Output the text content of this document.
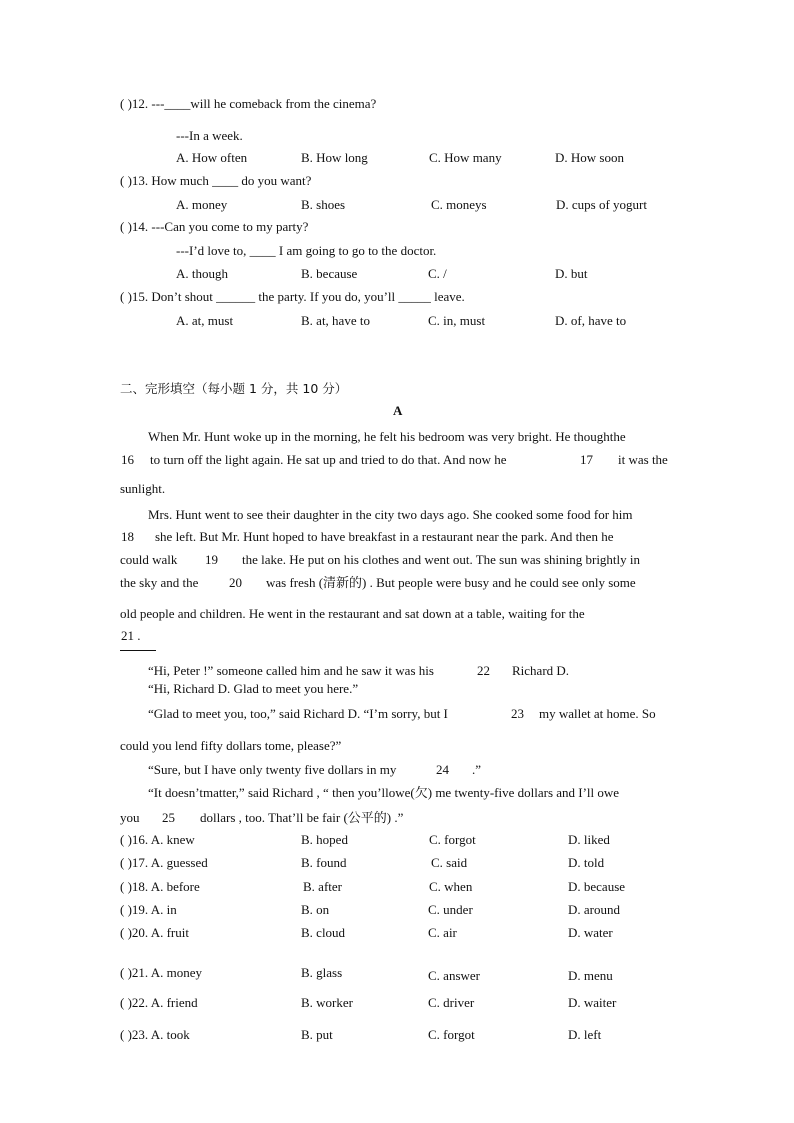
( )12. ---____will he comeback from the cinema?
---In a week.
A. How often	B. How long	C. How many	D. How soon
( )13. How much ____ do you want?
A. money	B. shoes	C. moneys	D. cups of yogurt
( )14. ---Can you come to my party?
---I’d love to, ____ I am going to go to the doctor.
A. though	B. because	C. /	D. but
( )15. Don’t shout ______ the party. If you do, you’ll _____ leave.
A. at, must	B. at, have to	C. in, must	D. of, have to
二、完形填空（每小题 1 分，共 10 分）
A
When Mr. Hunt woke up in the morning, he felt his bedroom was very bright. He thoughthe
16 to turn off the light again. He sat up and tried to do that. And now he	17 it was the
sunlight.
Mrs. Hunt went to see their daughter in the city two days ago. She cooked some food for him
18 she left. But Mr. Hunt hoped to have breakfast in a restaurant near the park. And then he
could walk 19 the lake. He put on his clothes and went out. The sun was shining brightly in
the sky and the 20 was fresh (清新的) . But people were busy and he could see only some
old people and children. He went in the restaurant and sat down at a table, waiting for the
21 .
“Hi, Peter !” someone called him and he saw it was his	22 Richard D.
“Hi, Richard D. Glad to meet you here.”
“Glad to meet you, too,” said Richard D. “I’m sorry, but I	23 my wallet at home. So
could you lend fifty dollars tome, please?”
“Sure, but I have only twenty five dollars in my	24 .”
“It doesn’tmatter,” said Richard , “ then you’llowe(欠) me twenty-five dollars and I’ll owe
you 25 dollars , too. That’ll be fair (公平的) .”
( )16. A. knew	B. hoped	C. forgot	D. liked
( )17. A. guessed	B. found	C. said	D. told
( )18. A. before	B. after	C. when	D. because
( )19. A. in	B. on	C. under	D. around
( )20. A. fruit	B. cloud	C. air	D. water
( )21. A. money	B. glass	C. answer	D. menu
( )22. A. friend	B. worker	C. driver	D. waiter
( )23. A. took	B. put	C. forgot	D. left
